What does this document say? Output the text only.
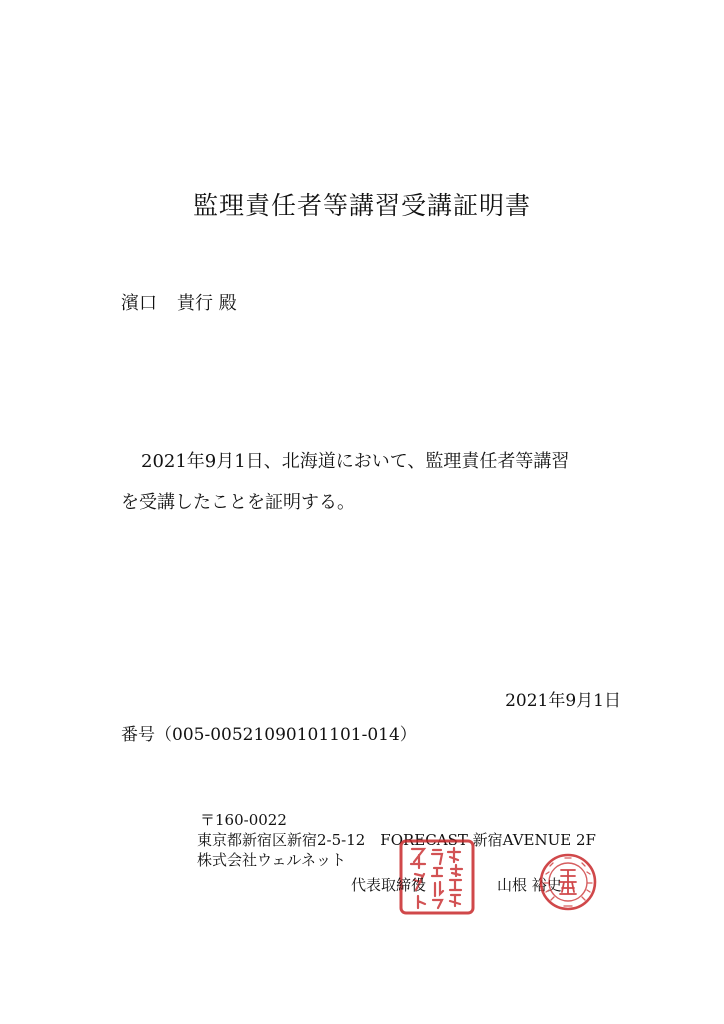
監理責任者等講習受講証明書
濱口 貴行 殿
2021年9月1日、北海道において、監理責任者等講習
を受講したことを証明する。
2021年9月1日
番号（005-00521090101101-014）
〒160-0022
東京都新宿区新宿2-5-12　FORECAST 新宿AVENUE 2F
株式会社ウェルネット
代表取締役	山根 裕史
